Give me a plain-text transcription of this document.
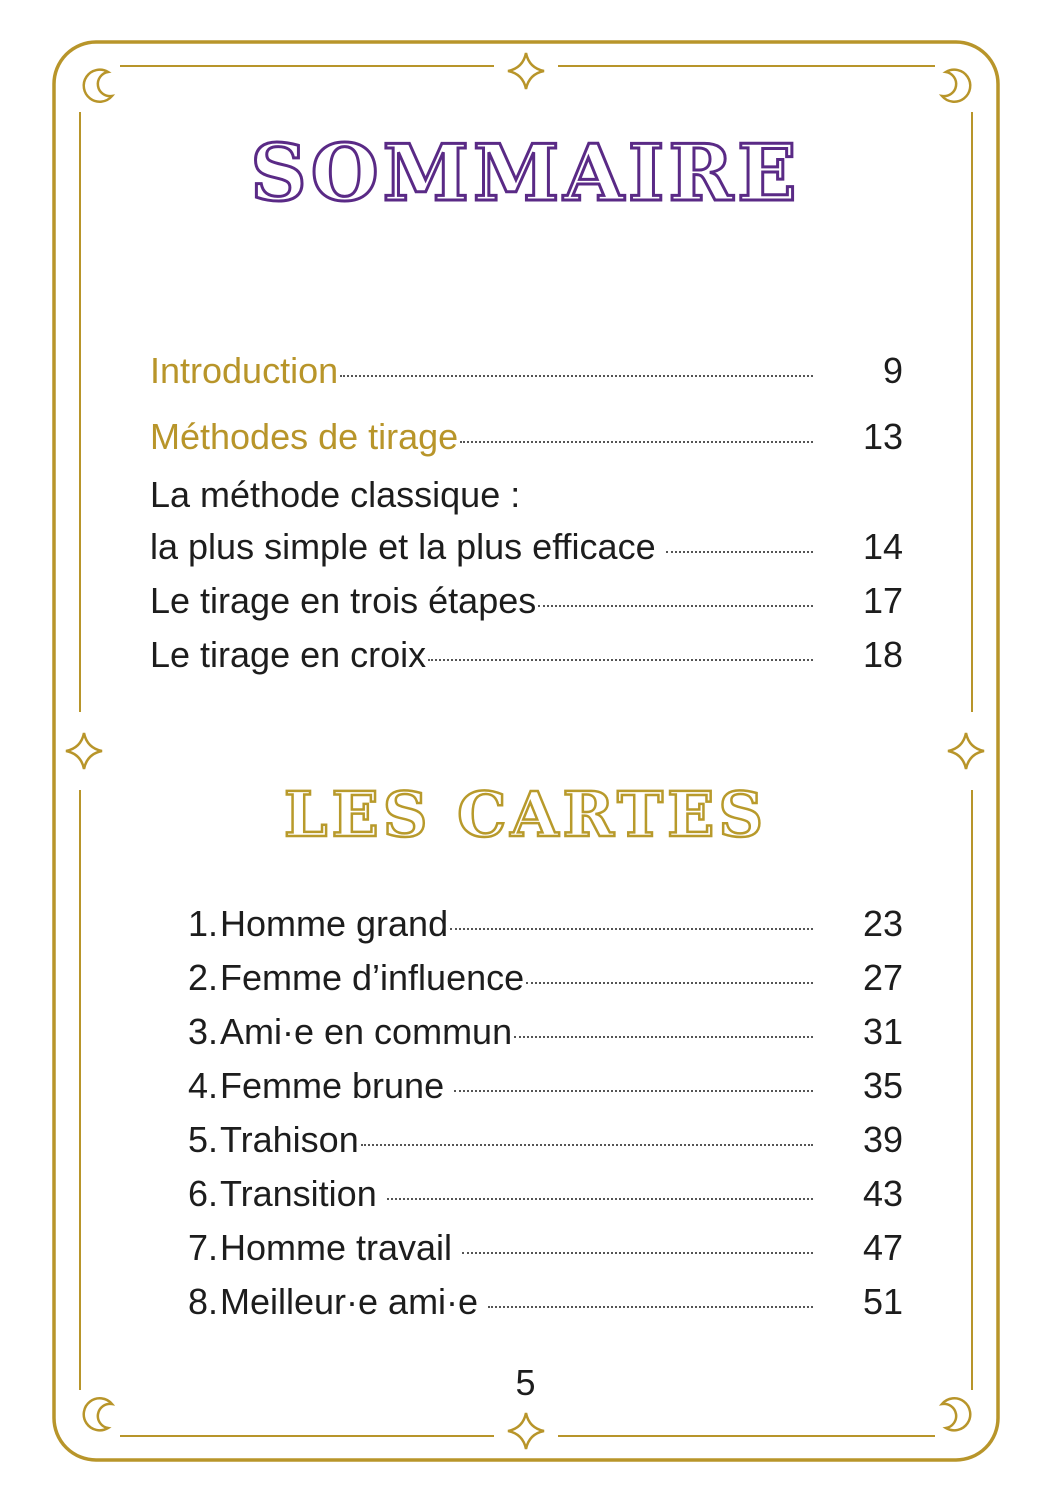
SOMMAIRE
Introduction	9
Méthodes de tirage	13
La méthode classique :
la plus simple et la plus efficace	14
Le tirage en trois étapes	17
Le tirage en croix	18
LES CARTES
1.Homme grand	23
2.Femme d’influence	27
3.Ami·e en commun	31
4.Femme brune	35
5.Trahison	39
6.Transition	43
7.Homme travail	47
8.Meilleur·e ami·e	51
5
